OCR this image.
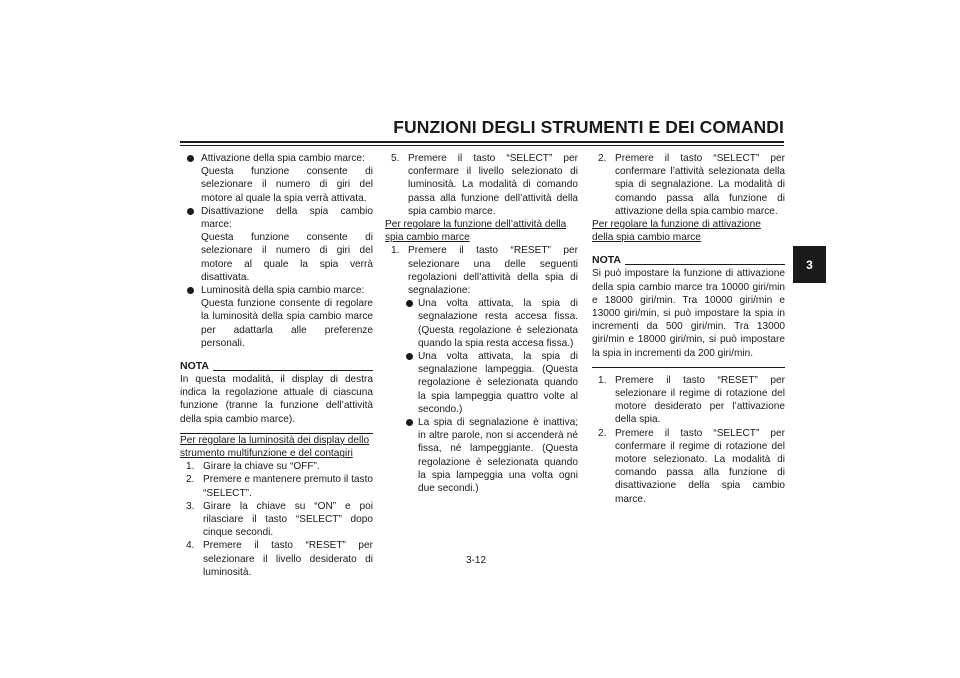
FUNZIONI DEGLI STRUMENTI E DEI COMANDI
3
Attivazione della spia cambio marce:
Questa funzione consente di selezionare il numero di giri del motore al quale la spia verrà attivata.
Disattivazione della spia cambio marce:
Questa funzione consente di selezionare il numero di giri del motore al quale la spia verrà disattivata.
Luminosità della spia cambio marce:
Questa funzione consente di regolare la luminosità della spia cambio marce per adattarla alle preferenze personali.
NOTA

In questa modalità, il display di destra indica la regolazione attuale di ciascuna funzione (tranne la funzione dell’attività della spia cambio marce).

Per regolare la luminosità dei display dello strumento multifunzione e del contagiri

1. Girare la chiave su “OFF”.
2. Premere e mantenere premuto il tasto “SELECT”.
3. Girare la chiave su “ON” e poi rilasciare il tasto “SELECT” dopo cinque secondi.
4. Premere il tasto “RESET” per selezionare il livello desiderato di luminosità.
5. Premere il tasto “SELECT” per confermare il livello selezionato di luminosità. La modalità di comando passa alla funzione dell’attività della spia cambio marce.

Per regolare la funzione dell’attività della spia cambio marce

1. Premere il tasto “RESET” per selezionare una delle seguenti regolazioni dell’attività della spia di segnalazione:
Una volta attivata, la spia di segnalazione resta accesa fissa. (Questa regolazione è selezionata quando la spia resta accesa fissa.)
Una volta attivata, la spia di segnalazione lampeggia. (Questa regolazione è selezionata quando la spia lampeggia quattro volte al secondo.)
La spia di segnalazione è inattiva; in altre parole, non si accenderà né fissa, né lampeggiante. (Questa regolazione è selezionata quando la spia lampeggia una volta ogni due secondi.)
2. Premere il tasto “SELECT” per confermare l’attività selezionata della spia di segnalazione. La modalità di comando passa alla funzione di attivazione della spia cambio marce.

Per regolare la funzione di attivazione della spia cambio marce

NOTA

Si può impostare la funzione di attivazione della spia cambio marce tra 10000 giri/min e 18000 giri/min. Tra 10000 giri/min e 13000 giri/min, si può impostare la spia in incrementi da 500 giri/min. Tra 13000 giri/min e 18000 giri/min, si può impostare la spia in incrementi da 200 giri/min.

1. Premere il tasto “RESET” per selezionare il regime di rotazione del motore desiderato per l’attivazione della spia.
2. Premere il tasto “SELECT” per confermare il regime di rotazione del motore selezionato. La modalità di comando passa alla funzione di disattivazione della spia cambio marce.
3-12
